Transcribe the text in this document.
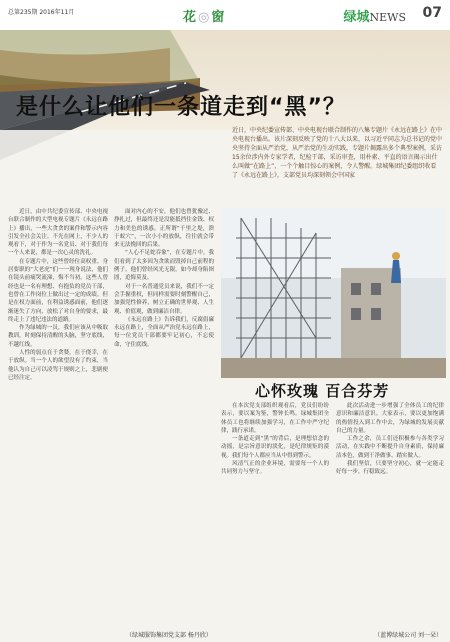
总第235期 2016年11月	花◎窗	绿城NEWS 07
是什么让他们一条道走到“黑”？
近日，中央纪委宣传部、中央电视台联合制作的八集专题片《永远在路上》在中央电视台播出。该片深刻反映了党的十八大以来，以习近平同志为总书记的党中央坚持全面从严治党，从严治党的生动实践，专题片揭露出多个典型案例，采访15余位涉内外专家学者，纪检干部，采访审查，用朴素、平直的语言揭示出什么叫做“在路上”，一个个触目惊心的案例，令人警醒。绿城集团纪委组织收看了《永远在路上》，支部党员均深刻领会中国家

近日，由中共纪委宣传部、中央电视台联合制作的大型电视专题片《永远在路上》播出，一些大贪贪的案件和警示内容引发全社会关注。不光在网上，不少人的观看下，对于作为一名党员、对于我们每一个人来说，都是一次心灵的洗礼。

在专题片中，这些曾经位高权重、身居要职的“大老虎”们一一现身说法，他们在镜头前痛哭流涕，悔不当初。这些人曾经也是一名有理想、有抱负的党员干部，也曾在工作岗位上做出过一定的成绩。但是在权力面前，在利益诱惑面前，他们逐渐迷失了方向，放松了对自身的要求，最终走上了违纪违法的道路。

作为绿城的一员，我们应该从中吸取教训，时刻保持清醒的头脑，坚守底线，不越红线。

人性的弱点在于贪婪，在于侥幸，在于放纵。当一个人的欲望没有了约束，当他认为自己可以凌驾于规则之上，悲剧便已经注定。

面对内心的不安，他们也曾犹豫过、挣扎过，但最终还是没能抵挡住金钱、权力和美色的诱惑。正所谓“千里之堤，溃于蚁穴”，一次小小的放纵，往往就会带来无法挽回的后果。

“人心不足蛇吞象”，在专题片中，我们看到了太多因为贪欲而毁掉自己前程的例子。他们曾经风光无限，如今却身陷囹圄，追悔莫及。

对于一名普通党员来说，我们不一定会手握重权，但同样需要时刻警醒自己，加强党性修养，树立正确的世界观、人生观、价值观，做到廉洁自律。

《永远在路上》告诉我们，反腐倡廉永远在路上，全面从严治党永远在路上，每一位党员干部都要牢记初心，不忘使命，守住底线。

心怀玫瑰 百合芬芳

在本次党支部组织观看后，党员们纷纷表示，要以案为鉴，警钟长鸣。绿城集团全体员工也将继续加强学习，在工作中严守纪律，践行承诺。

一条道走到“黑”的背后，是理想信念的动摇，是宗旨意识的淡化，是纪律规矩的漠视。我们每个人都应当从中得到警示。

风清气正的企业环境，需要每一个人的共同努力与坚守。

此次活动进一步增强了全体员工的纪律意识和廉洁意识。大家表示，要以更加饱满的热情投入到工作中去，为绿城的发展贡献自己的力量。

工作之余，员工们还积极参与各类学习活动，在实践中不断提升自身素质，保持廉洁本色，做到干净做事、踏实做人。

我们坚信，只要坚守初心，就一定能走好每一步，行稳致远。

（绿城服饰集团党支部 杨丹欣）	（蓝博绿城公司 刘一朵）
